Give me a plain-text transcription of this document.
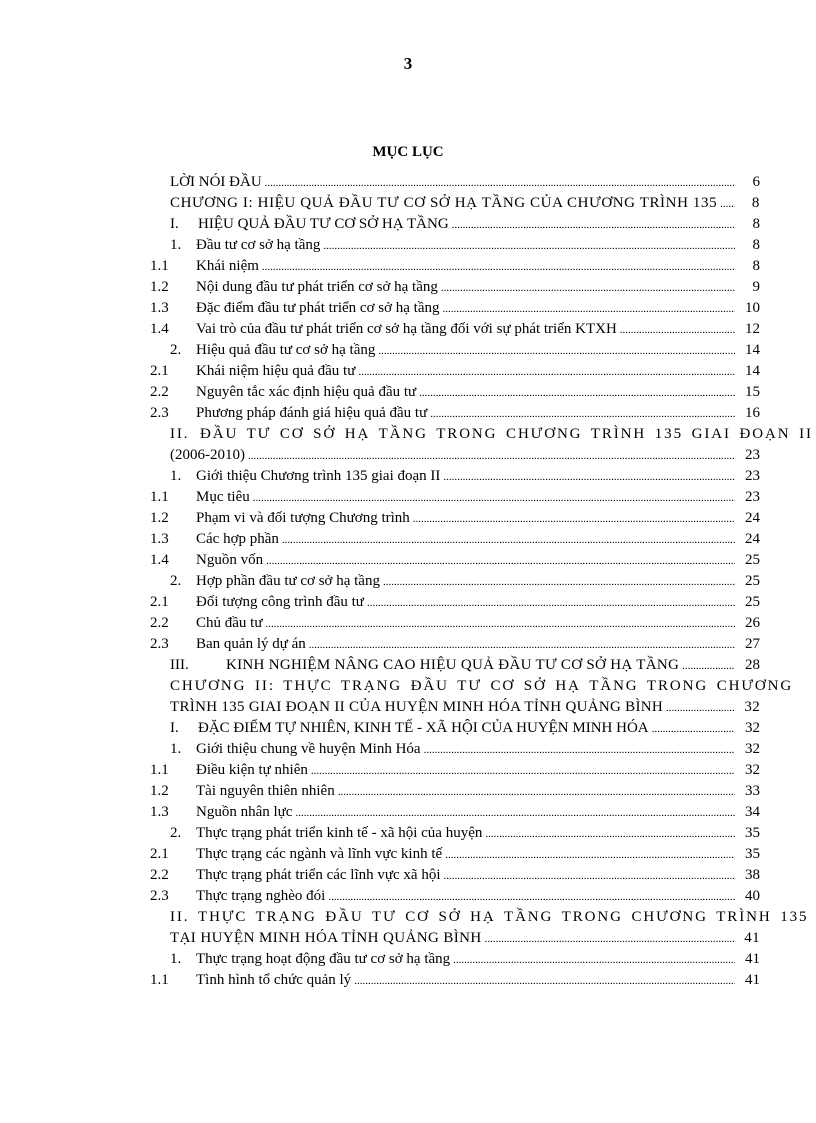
3
MỤC LỤC
LỜI NÓI ĐẦU .....	6
CHƯƠNG I: HIỆU QUẢ ĐẦU TƯ CƠ SỞ HẠ TẦNG CỦA CHƯƠNG TRÌNH 135 .....	8
I.	HIỆU QUẢ ĐẦU TƯ CƠ SỞ HẠ TẦNG .....	8
1. Đầu tư cơ sở hạ tầng .....	8
1.1	Khái niệm .....	8
1.2	Nội dung đầu tư phát triển cơ sở hạ tầng .....	9
1.3	Đặc điểm đầu tư phát triển cơ sở hạ tầng .....	10
1.4	Vai trò của đầu tư phát triển cơ sở hạ tầng đối với sự phát triển KTXH .....	12
2. Hiệu quả đầu tư cơ sở hạ tầng .....	14
2.1	Khái niệm hiệu quả đầu tư .....	14
2.2	Nguyên tắc xác định hiệu quả đầu tư .....	15
2.3	Phương pháp đánh giá hiệu quả đầu tư .....	16
II. ĐẦU TƯ CƠ SỞ HẠ TẦNG TRONG CHƯƠNG TRÌNH 135 GIAI ĐOẠN II
(2006-2010) .....	23
1. Giới thiệu Chương trình 135 giai đoạn II .....	23
1.1	Mục tiêu .....	23
1.2	Phạm vi và đối tượng Chương trình .....	24
1.3	Các hợp phần .....	24
1.4	Nguồn vốn .....	25
2. Hợp phần đầu tư cơ sở hạ tầng .....	25
2.1	Đối tượng công trình đầu tư .....	25
2.2	Chủ đầu tư .....	26
2.3	Ban quản lý dự án .....	27
III.	KINH NGHIỆM NÂNG CAO HIỆU QUẢ ĐẦU TƯ CƠ SỞ HẠ TẦNG .....	28
CHƯƠNG II: THỰC TRẠNG ĐẦU TƯ CƠ SỞ HẠ TẦNG TRONG CHƯƠNG
TRÌNH 135 GIAI ĐOẠN II CỦA HUYỆN MINH HÓA TỈNH QUẢNG BÌNH .....	32
I.	ĐẶC ĐIỂM TỰ NHIÊN, KINH TẾ - XÃ HỘI CỦA HUYỆN MINH HÓA .....	32
1. Giới thiệu chung về huyện Minh Hóa .....	32
1.1	Điều kiện tự nhiên .....	32
1.2	Tài nguyên thiên nhiên .....	33
1.3	Nguồn nhân lực .....	34
2. Thực trạng phát triển kinh tế - xã hội của huyện .....	35
2.1	Thực trạng các ngành và lĩnh vực kinh tế .....	35
2.2	Thực trạng phát triển các lĩnh vực xã hội .....	38
2.3	Thực trạng nghèo đói .....	40
II. THỰC TRẠNG ĐẦU TƯ CƠ SỞ HẠ TẦNG TRONG CHƯƠNG TRÌNH 135
TẠI HUYỆN MINH HÓA TỈNH QUẢNG BÌNH .....	41
1. Thực trạng hoạt động đầu tư cơ sở hạ tầng .....	41
1.1	Tình hình tổ chức quản lý .....	41
